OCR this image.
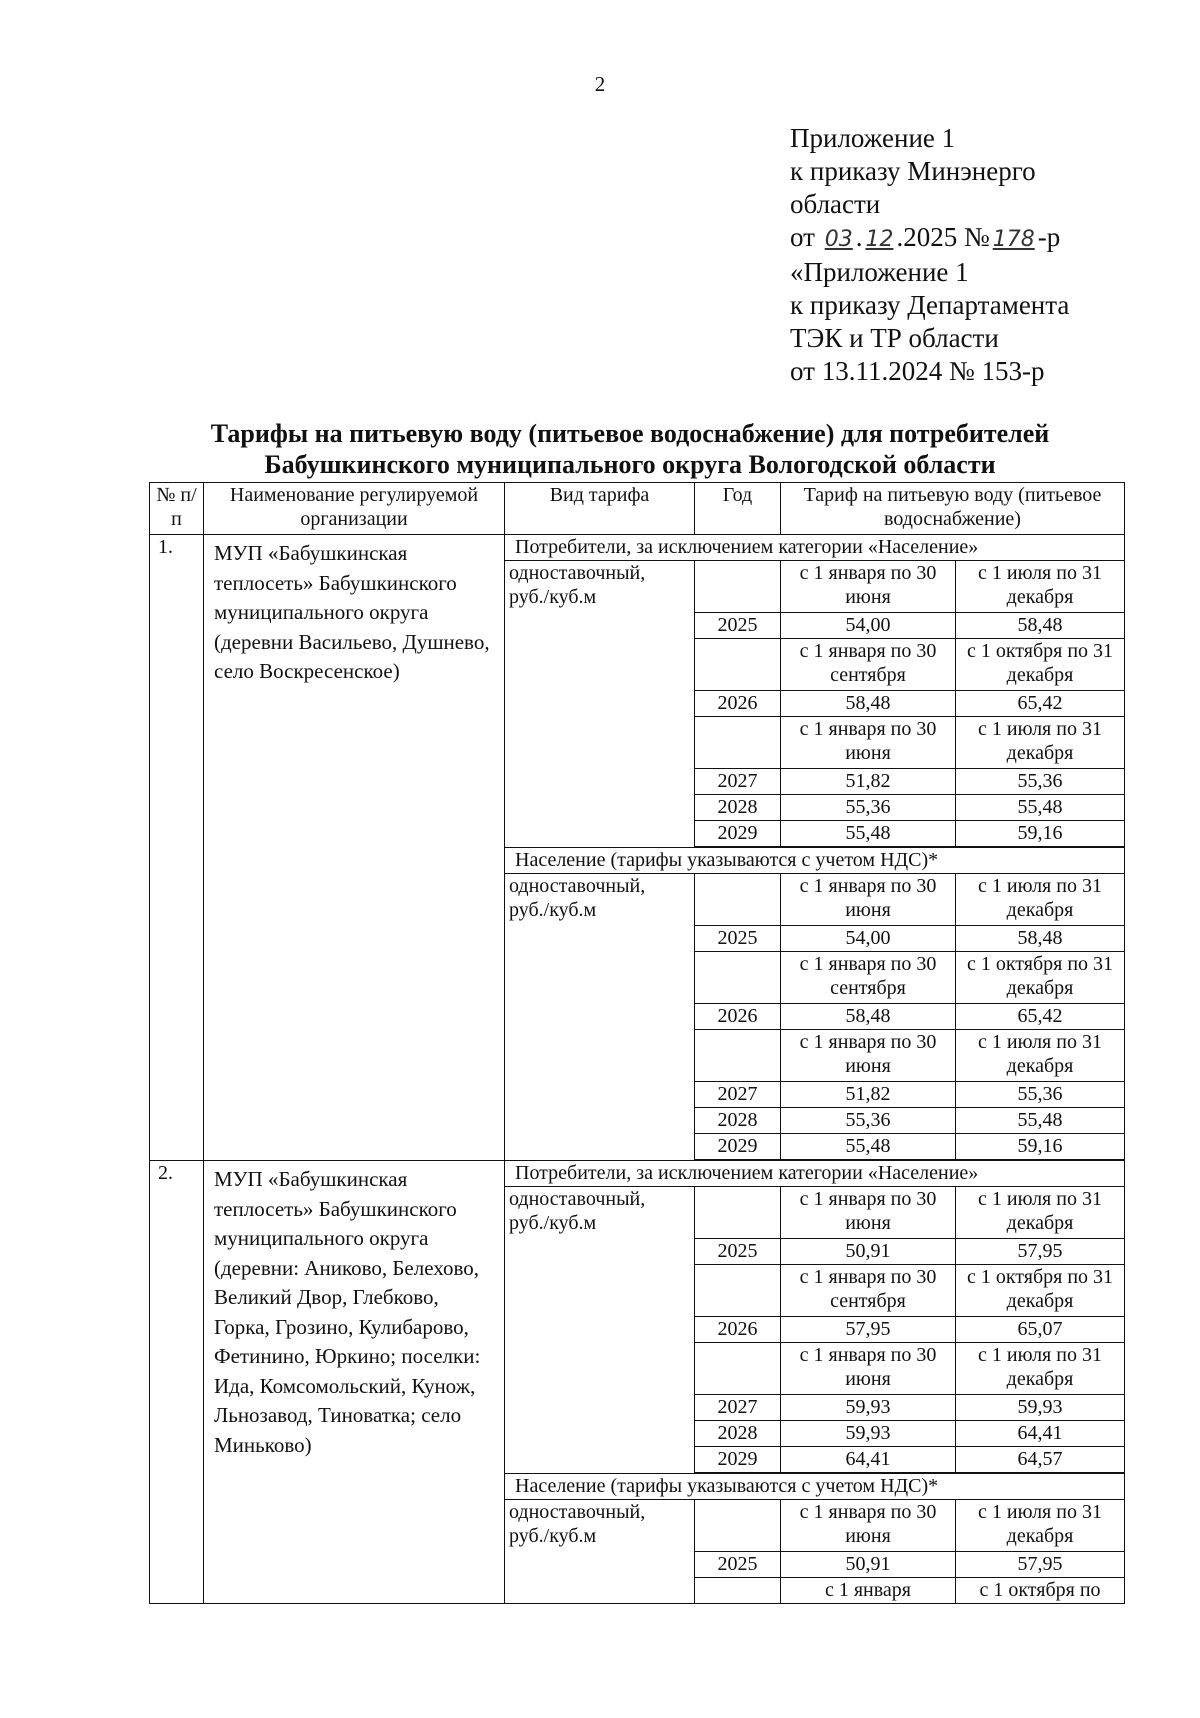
2
Приложение 1
к приказу Минэнерго
области
от 03 . 12 .2025 № 178 -р
«Приложение 1
к приказу Департамента
ТЭК и ТР области
от 13.11.2024 № 153-р
Тарифы на питьевую воду (питьевое водоснабжение) для потребителей
Бабушкинского муниципального округа Вологодской области
№ п/п	Наименование регулируемой организации	Вид тарифа	Год	Тариф на питьевую воду (питьевое водоснабжение)	
1.	МУП «Бабушкинская теплосеть» Бабушкинского муниципального округа (деревни Васильево, Душнево, село Воскресенское)	Потребители, за исключением категории «Население»			
		одноставочный, руб./куб.м		с 1 января по 30 июня	с 1 июля по 31 декабря
			2025	54,00	58,48
				с 1 января по 30 сентября	с 1 октября по 31 декабря
			2026	58,48	65,42
				с 1 января по 30 июня	с 1 июля по 31 декабря
			2027	51,82	55,36
			2028	55,36	55,48
			2029	55,48	59,16

		Население (тарифы указываются с учетом НДС)*			
		одноставочный, руб./куб.м		с 1 января по 30 июня	с 1 июля по 31 декабря
			2025	54,00	58,48
				с 1 января по 30 сентября	с 1 октября по 31 декабря
			2026	58,48	65,42
				с 1 января по 30 июня	с 1 июля по 31 декабря
			2027	51,82	55,36
			2028	55,36	55,48
			2029	55,48	59,16

2.	МУП «Бабушкинская теплосеть» Бабушкинского муниципального округа (деревни: Аниково, Белехово, Великий Двор, Глебково, Горка, Грозино, Кулибарово, Фетинино, Юркино; поселки: Ида, Комсомольский, Кунож, Льнозавод, Тиноватка; село Миньково)	Потребители, за исключением категории «Население»			
		одноставочный, руб./куб.м		с 1 января по 30 июня	с 1 июля по 31 декабря
			2025	50,91	57,95
				с 1 января по 30 сентября	с 1 октября по 31 декабря
			2026	57,95	65,07
				с 1 января по 30 июня	с 1 июля по 31 декабря
			2027	59,93	59,93
			2028	59,93	64,41
			2029	64,41	64,57

		Население (тарифы указываются с учетом НДС)*			
		одноставочный, руб./куб.м		с 1 января по 30 июня	с 1 июля по 31 декабря
			2025	50,91	57,95
				с 1 января	с 1 октября по
